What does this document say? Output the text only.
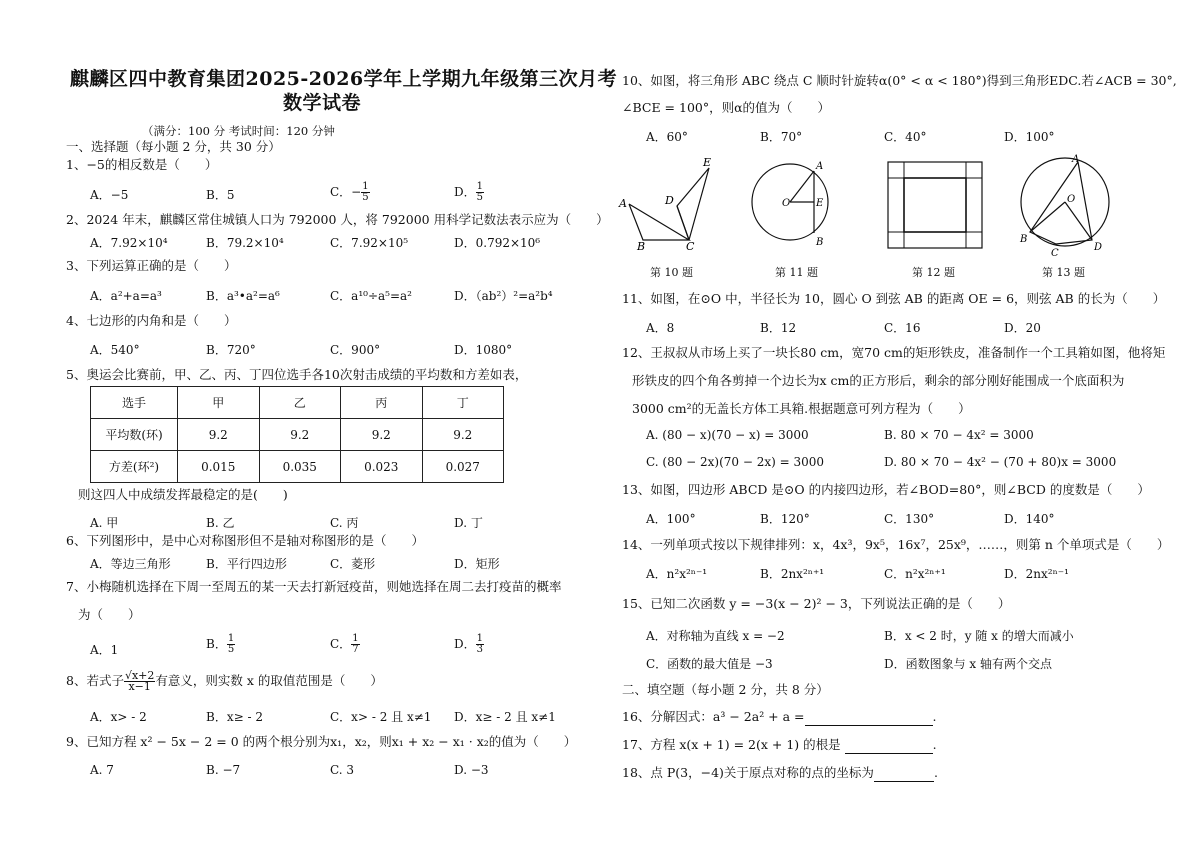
麒麟区四中教育集团2025-2026学年上学期九年级第三次月考
数学试卷
（满分：100 分 考试时间：120 分钟
一、选择题（每小题 2 分，共 30 分）
1、−5的相反数是（　　）
A．−5	B．5	C．− $\frac{1}{5}$	D． $\frac{1}{5}$
2、2024 年末，麒麟区常住城镇人口为 792000 人，将 792000 用科学记数法表示应为（　　）
A．7.92×10⁴	B．79.2×10⁴	C．7.92×10⁵	D．0.792×10⁶
3、下列运算正确的是（　　）
A．a²+a=a³	B．a³•a²=a⁶	C．a¹⁰÷a⁵=a²	D．（ab²）²=a²b⁴
4、七边形的内角和是（　　）
A．540°	B．720°	C．900°	D．1080°
5、奥运会比赛前，甲、乙、丙、丁四位选手各10次射击成绩的平均数和方差如表，
选手	甲	乙	丙	丁
平均数(环)	9.2	9.2	9.2	9.2
方差(环²)	0.015	0.035	0.023	0.027
则这四人中成绩发挥最稳定的是(　　)
A. 甲	B. 乙	C. 丙	D. 丁
6、下列图形中，是中心对称图形但不是轴对称图形的是（　　）
A．等边三角形	B．平行四边形	C．菱形	D．矩形
7、小梅随机选择在下周一至周五的某一天去打新冠疫苗，则她选择在周二去打疫苗的概率
为（　　）
A．1	B． $\frac{1}{5}$	C． $\frac{1}{7}$	D． $\frac{1}{3}$
8、若式子 $\frac{√x+2}{x-1}$ 有意义，则实数 x 的取值范围是（　　）
A．x> - 2	B．x≥ - 2	C．x> - 2 且 x≠1 D．x≥ - 2 且 x≠1
9、已知方程 x² − 5x − 2 = 0 的两个根分别为x₁，x₂，则x₁ + x₂ − x₁ · x₂的值为（　　）
A. 7	B. −7	C. 3	D. −3
10、如图，将三角形 ABC 绕点 C 顺时针旋转α(0° < α < 180°)得到三角形EDC.若∠ACB = 30°,
∠BCE = 100°，则α的值为（　　）
A．60°	B．70°	C．40°	D．100°
A
B	C
D
E
第 10 题
A
O	E
B
第 11 题	第 12 题
A
O
B
C
D
第 13 题
11、如图，在⊙O 中，半径长为 10，圆心 O 到弦 AB 的距离 OE = 6，则弦 AB 的长为（　　）
A．8	B．12	C．16	D．20
12、王叔叔从市场上买了一块长80 cm，宽70 cm的矩形铁皮，准备制作一个工具箱如图，他将矩
形铁皮的四个角各剪掉一个边长为x cm的正方形后，剩余的部分刚好能围成一个底面积为
3000 cm²的无盖长方体工具箱.根据题意可列方程为（　　）
A. (80 − x)(70 − x) = 3000	B. 80 × 70 − 4x² = 3000
C. (80 − 2x)(70 − 2x) = 3000	D. 80 × 70 − 4x² − (70 + 80)x = 3000
13、如图，四边形 ABCD 是⊙O 的内接四边形，若∠BOD=80°，则∠BCD 的度数是（　　）
A．100°	B．120°	C．130°	D．140°
14、一列单项式按以下规律排列：x，4x³，9x⁵，16x⁷，25x⁹，……，则第 n 个单项式是（　　）
A．n²x²ⁿ⁻¹	B．2nx²ⁿ⁺¹	C．n²x²ⁿ⁺¹	D．2nx²ⁿ⁻¹
15、已知二次函数 y = −3(x − 2)² − 3，下列说法正确的是（　　）
A．对称轴为直线 x = −2	B．x < 2 时，y 随 x 的增大而减小
C．函数的最大值是 −3	D．函数图象与 x 轴有两个交点
二、填空题（每小题 2 分，共 8 分）
16、分解因式：a³ − 2a² + a =	.
17、方程 x(x + 1) = 2(x + 1) 的根是	.
18、点 P(3，−4)关于原点对称的点的坐标为	.
